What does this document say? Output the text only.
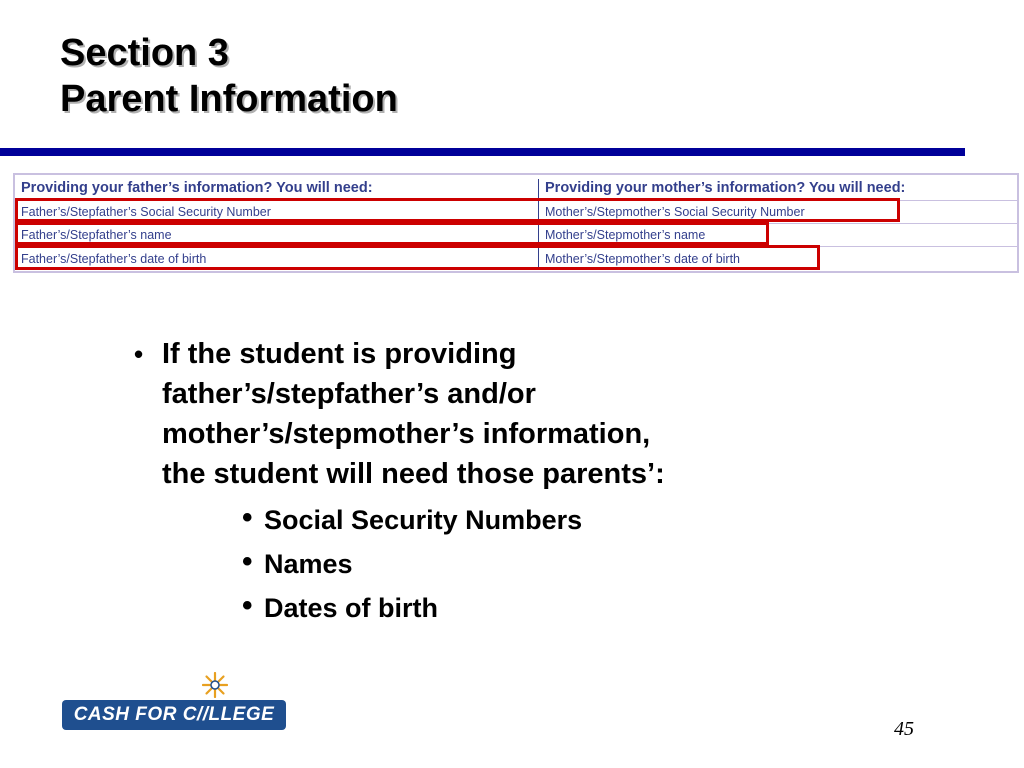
Section 3
Parent Information
Providing your father’s information? You will need:	Providing your mother’s information? You will need:
Father’s/Stepfather’s Social Security Number	Mother’s/Stepmother’s Social Security Number
Father’s/Stepfather’s name	Mother’s/Stepmother’s name
Father’s/Stepfather’s date of birth	Mother’s/Stepmother’s date of birth
• If the student is providing
father’s/stepfather’s and/or
mother’s/stepmother’s information,
the student will need those parents’:
• Social Security Numbers
• Names
• Dates of birth
CASH FOR C//LLEGE
45
